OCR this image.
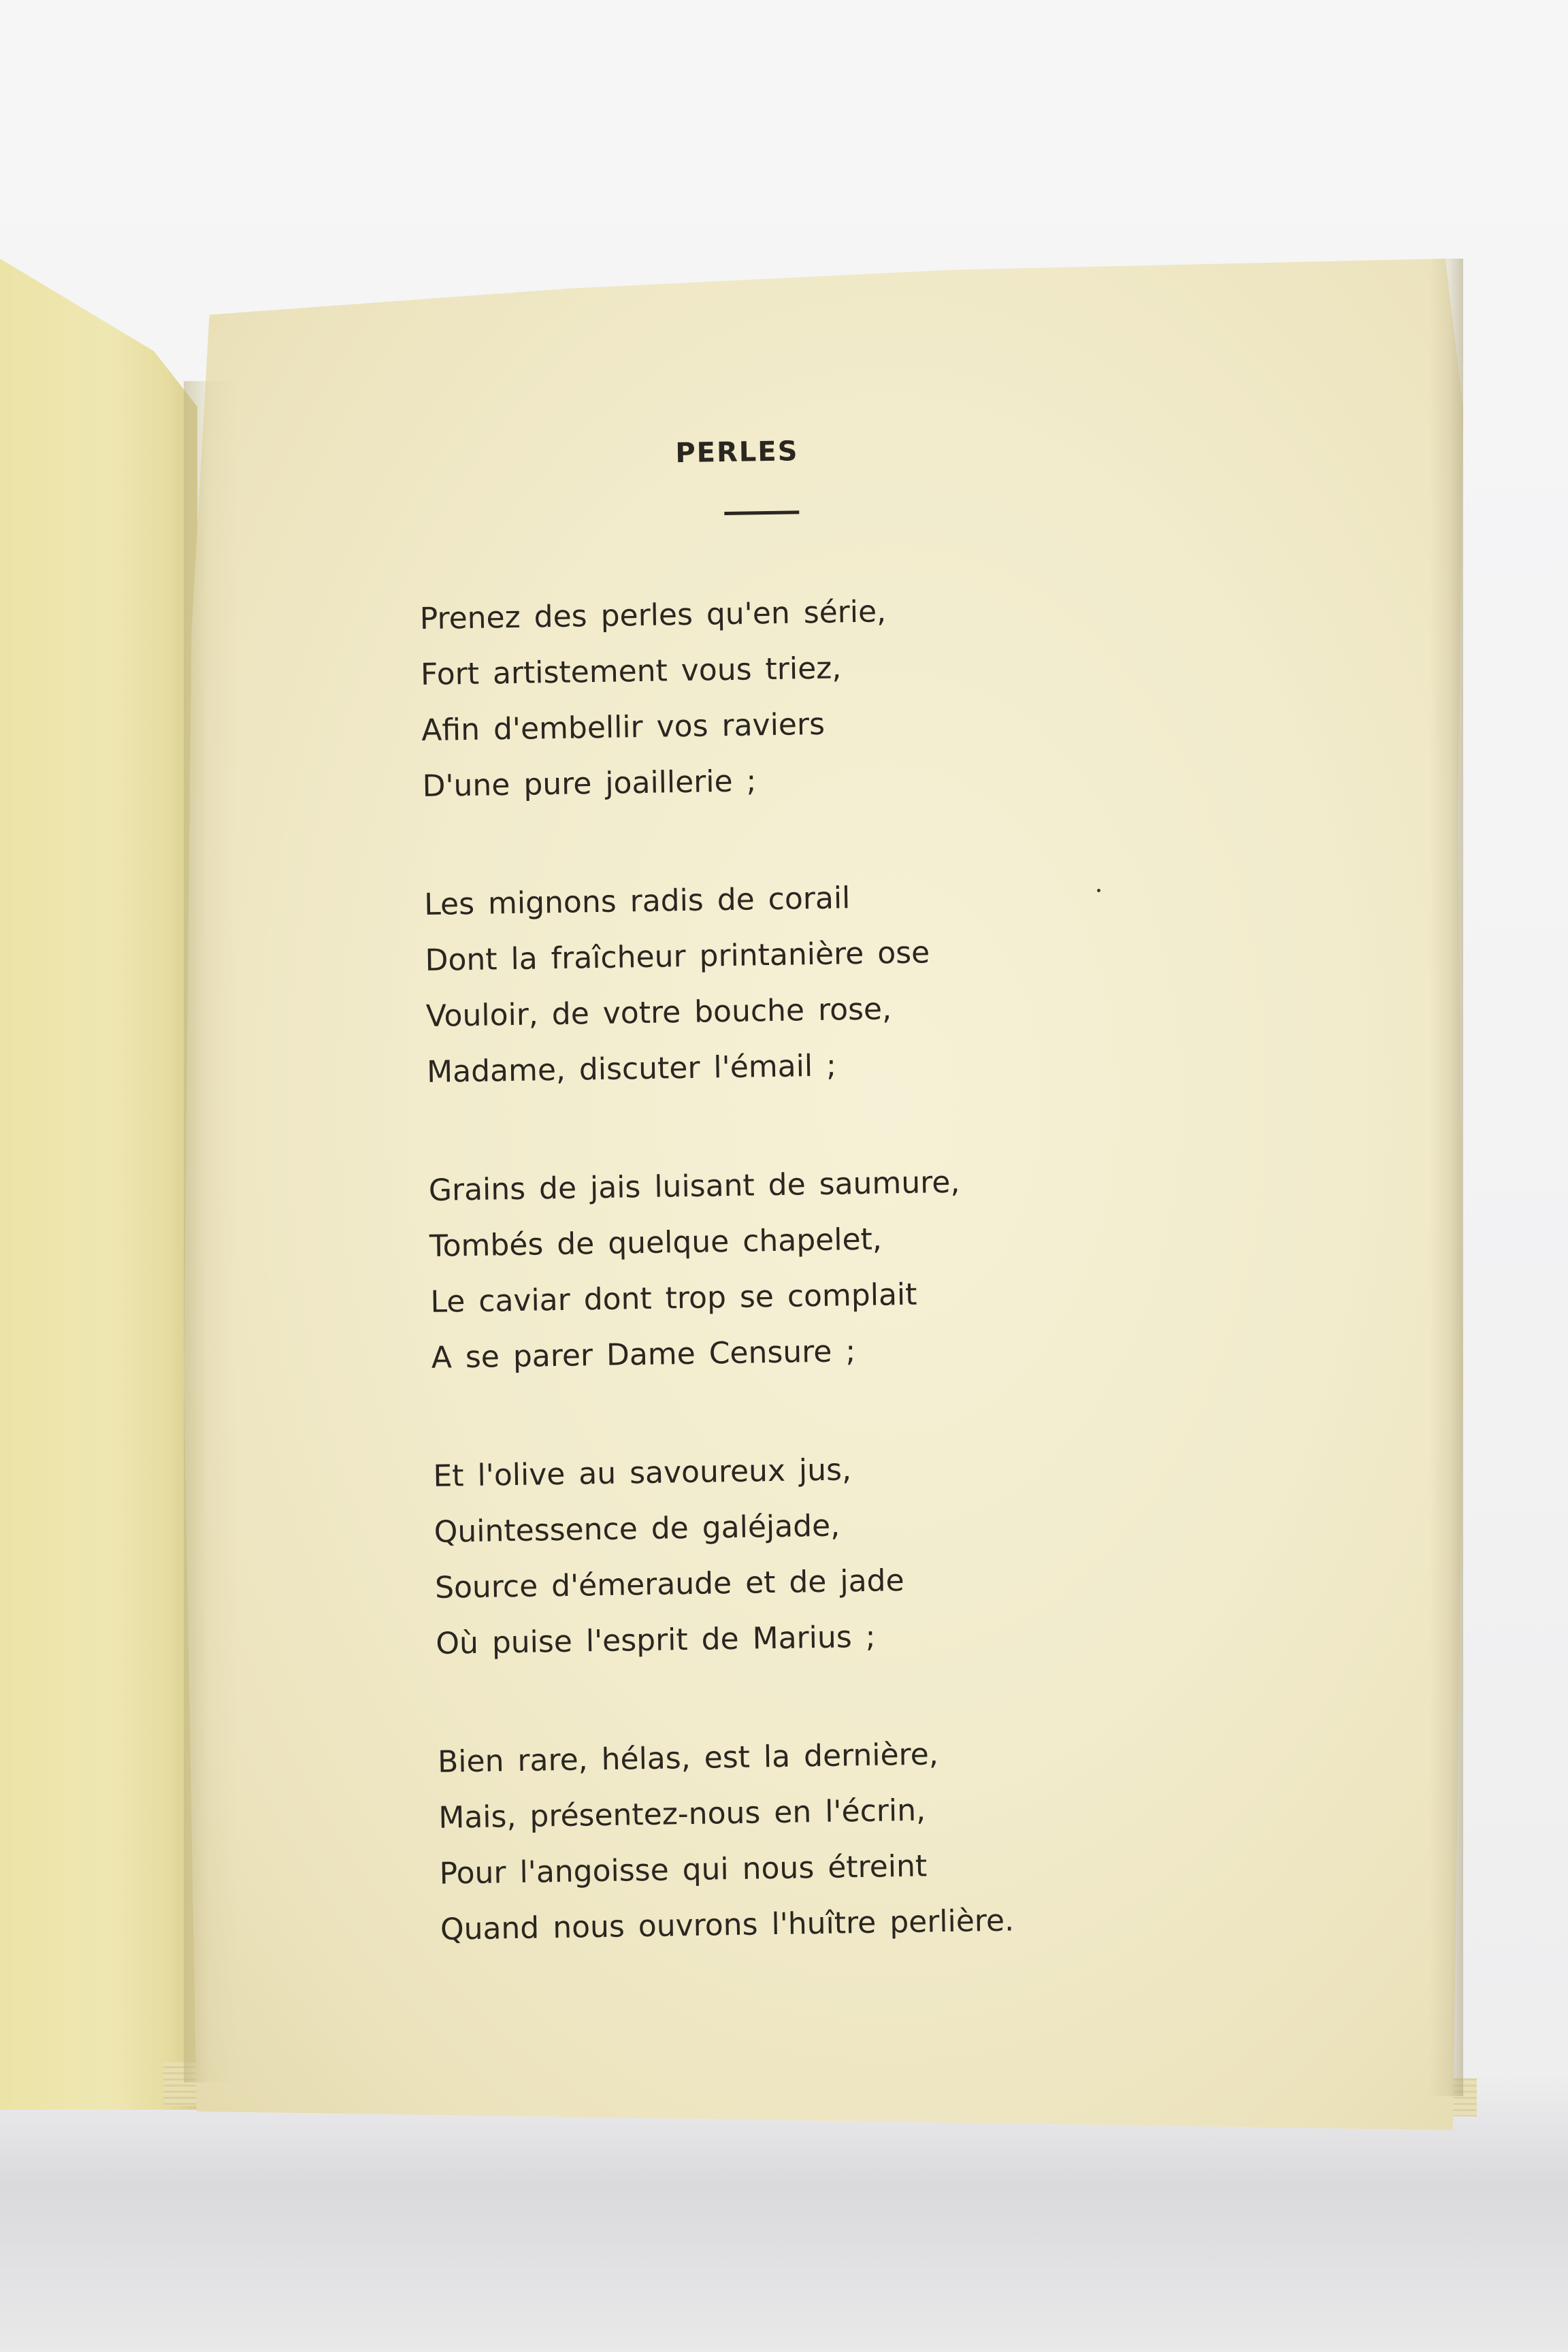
PERLES
Prenez des perles qu'en série,
Fort artistement vous triez,
Afin d'embellir vos raviers
D'une pure joaillerie ;
Les mignons radis de corail
Dont la fraîcheur printanière ose
Vouloir, de votre bouche rose,
Madame, discuter l'émail ;
Grains de jais luisant de saumure,
Tombés de quelque chapelet,
Le caviar dont trop se complait
A se parer Dame Censure ;
Et l'olive au savoureux jus,
Quintessence de galéjade,
Source d'émeraude et de jade
Où puise l'esprit de Marius ;
Bien rare, hélas, est la dernière,
Mais, présentez-nous en l'écrin,
Pour l'angoisse qui nous étreint
Quand nous ouvrons l'huître perlière.
